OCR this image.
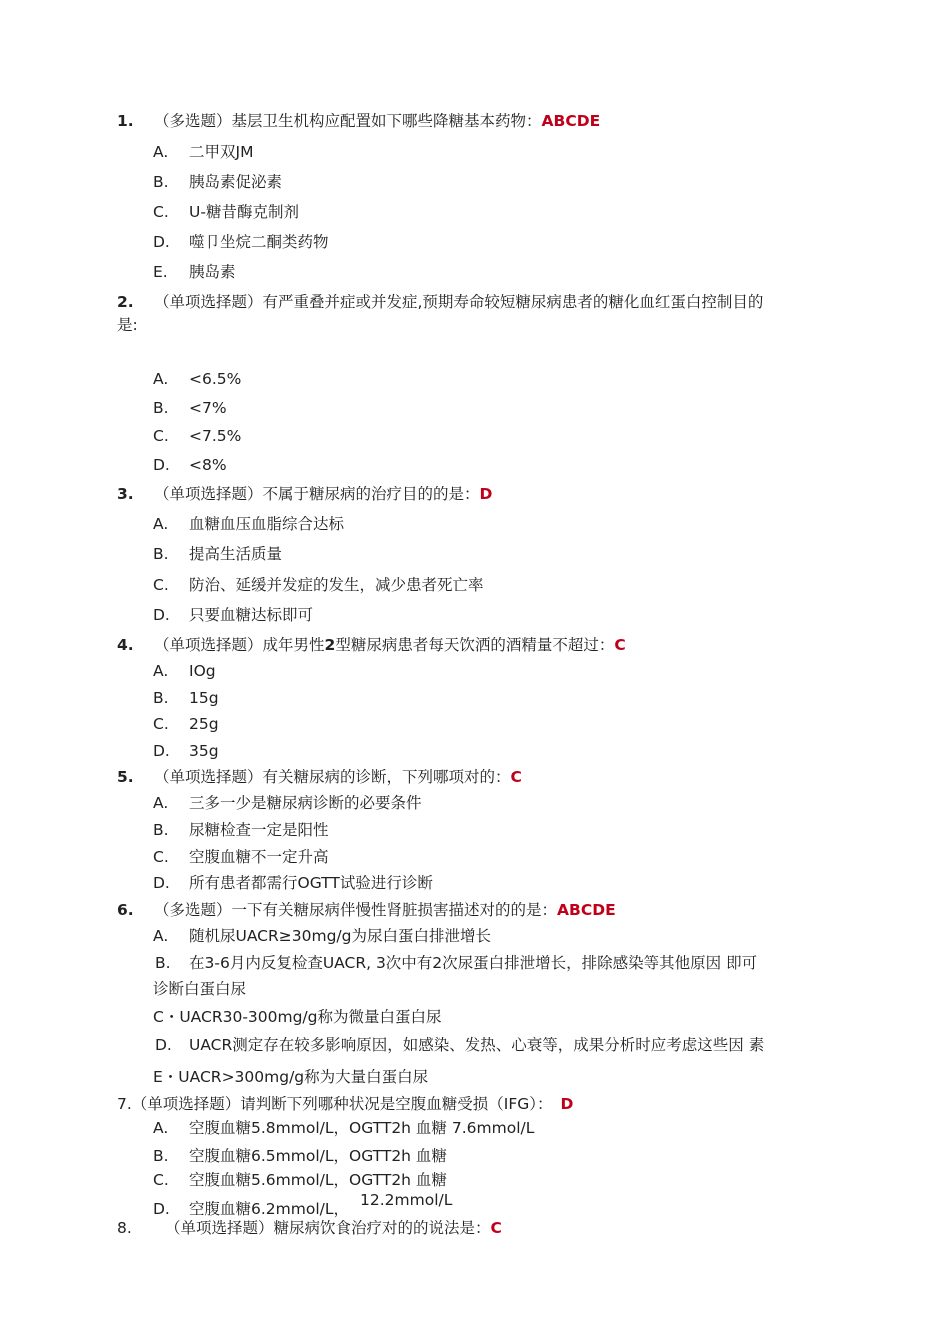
1. （多选题）基层卫生机构应配置如下哪些降糖基本药物：ABCDE
A. 二甲双JM
B. 胰岛素促泌素
C. U-糖昔酶克制剂
D. 噬卩坐烷二酮类药物
E. 胰岛素
2. （单项选择题）有严重叠并症或并发症,预期寿命较短糖尿病患者的糖化血红蛋白控制目的
是:
A. <6.5%
B. <7%
C. <7.5%
D. <8%
3. （单项选择题）不属于糖尿病的治疗目的的是：D
A. 血糖血压血脂综合达标
B. 提高生活质量
C. 防治、延缓并发症的发生，减少患者死亡率
D. 只要血糖达标即可
4. （单项选择题）成年男性2型糖尿病患者每天饮洒的酒精量不超过：C
A. IOg
B. 15g
C. 25g
D. 35g
5. （单项选择题）有关糖尿病的诊断，下列哪项对的：C
A. 三多一少是糖尿病诊断的必要条件
B. 尿糖检查一定是阳性
C. 空腹血糖不一定升高
D. 所有患者都需行OGTT试验进行诊断
6. （多选题）一下有关糖尿病伴慢性肾脏损害描述对的的是：ABCDE
A. 随机尿UACR≥30mg/g为尿白蛋白排泄增长
B. 在3-6月内反复检查UACR, 3次中有2次尿蛋白排泄增长，排除感染等其他原因 即可
诊断白蛋白尿
C・UACR30-300mg/g称为微量白蛋白尿
D. UACR测定存在较多影响原因，如感染、发热、心衰等，成果分析时应考虑这些因 素
E・UACR>300mg/g称为大量白蛋白尿
7.（单项选择题）请判断下列哪种状况是空腹血糖受损（IFG）： D
A. 空腹血糖5.8mmol/L，OGTT2h 血糖 7.6mmol/L
B. 空腹血糖6.5mmol/L，OGTT2h 血糖
C. 空腹血糖5.6mmol/L，OGTT2h 血糖
12.2mmol/L
D. 空腹血糖6.2mmol/L，
8. （单项选择题）糖尿病饮食治疗对的的说法是：C
